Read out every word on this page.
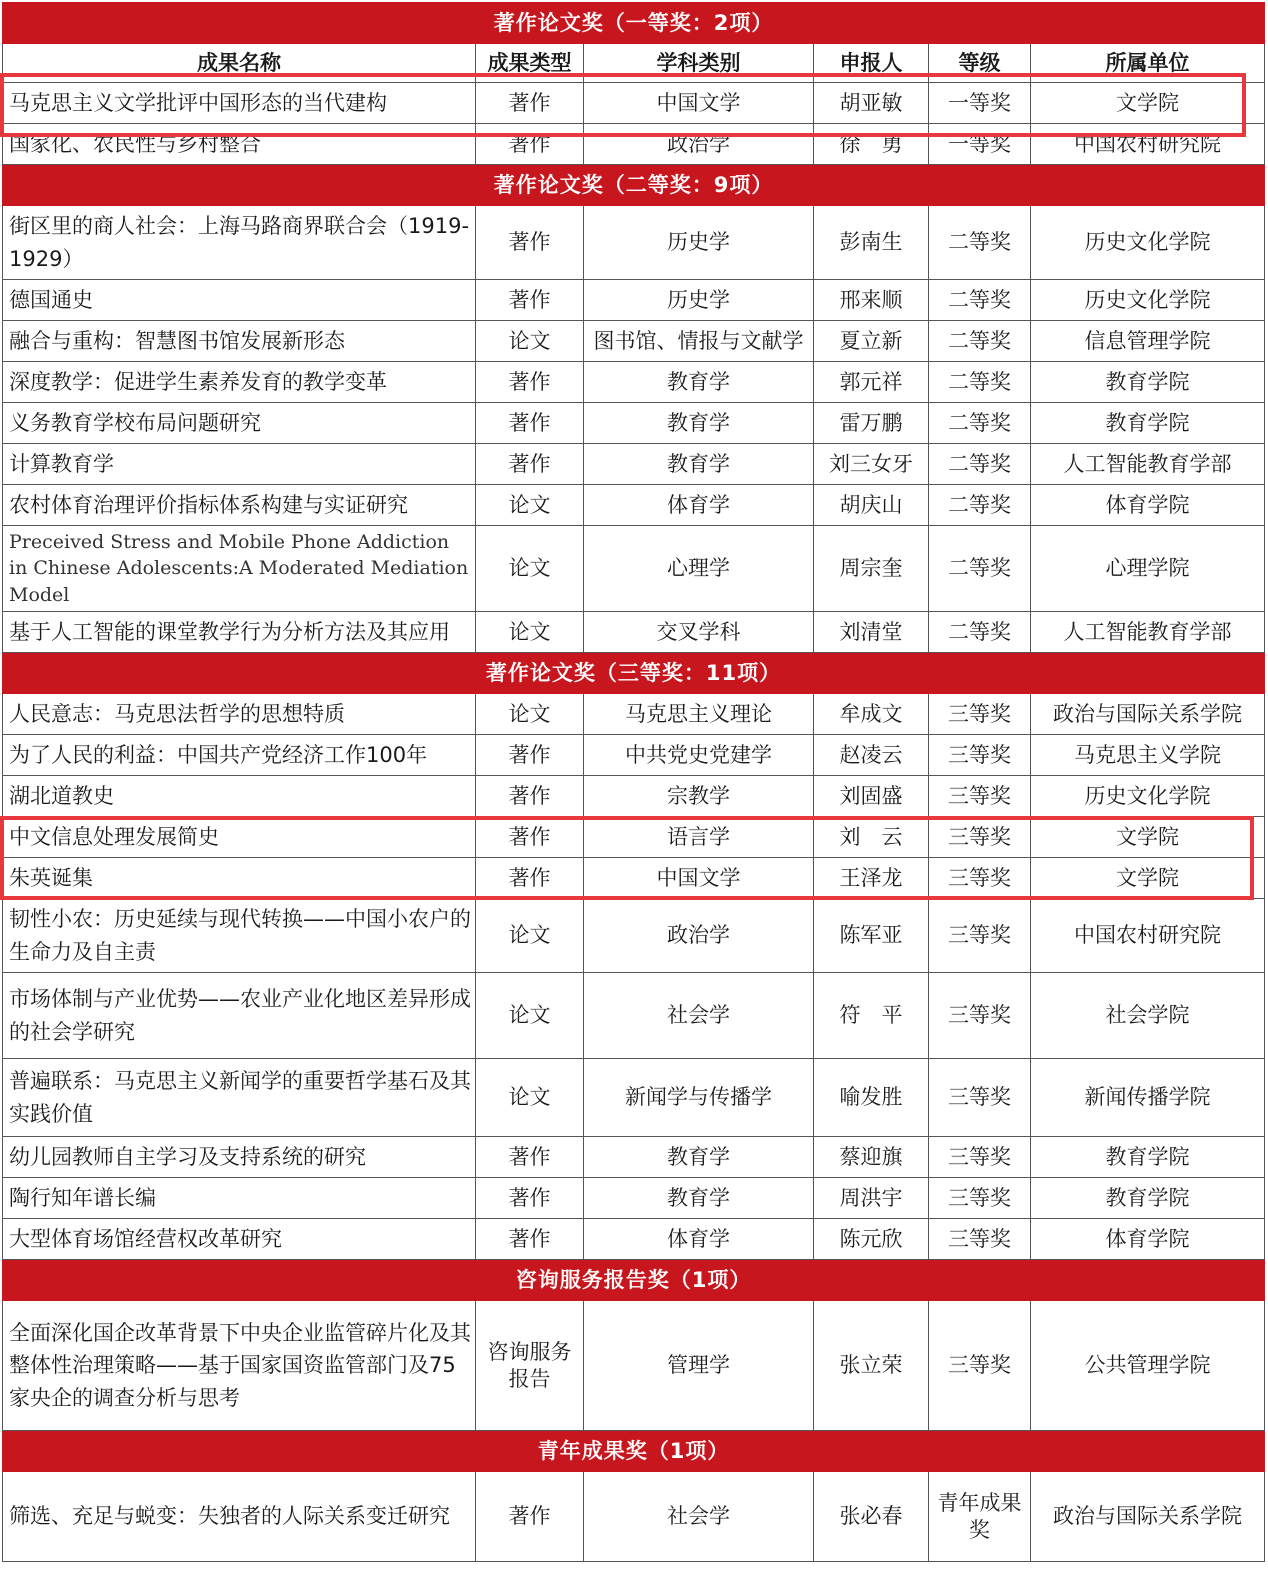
著作论文奖（一等奖：2项）					
成果名称	成果类型	学科类别	申报人	等级	所属单位
马克思主义文学批评中国形态的当代建构	著作	中国文学	胡亚敏	一等奖	文学院
国家化、农民性与乡村整合	著作	政治学	徐　勇	一等奖	中国农村研究院
著作论文奖（二等奖：9项）					
街区里的商人社会：上海马路商界联合会（1919-1929）	著作	历史学	彭南生	二等奖	历史文化学院
德国通史	著作	历史学	邢来顺	二等奖	历史文化学院
融合与重构：智慧图书馆发展新形态	论文	图书馆、情报与文献学	夏立新	二等奖	信息管理学院
深度教学：促进学生素养发育的教学变革	著作	教育学	郭元祥	二等奖	教育学院
义务教育学校布局问题研究	著作	教育学	雷万鹏	二等奖	教育学院
计算教育学	著作	教育学	刘三女牙	二等奖	人工智能教育学部
农村体育治理评价指标体系构建与实证研究	论文	体育学	胡庆山	二等奖	体育学院
Preceived Stress and Mobile Phone Addiction in Chinese Adolescents:A Moderated Mediation Model	论文	心理学	周宗奎	二等奖	心理学院
基于人工智能的课堂教学行为分析方法及其应用	论文	交叉学科	刘清堂	二等奖	人工智能教育学部
著作论文奖（三等奖：11项）					
人民意志：马克思法哲学的思想特质	论文	马克思主义理论	牟成文	三等奖	政治与国际关系学院
为了人民的利益：中国共产党经济工作100年	著作	中共党史党建学	赵凌云	三等奖	马克思主义学院
湖北道教史	著作	宗教学	刘固盛	三等奖	历史文化学院
中文信息处理发展简史	著作	语言学	刘　云	三等奖	文学院
朱英诞集	著作	中国文学	王泽龙	三等奖	文学院
韧性小农：历史延续与现代转换——中国小农户的生命力及自主责	论文	政治学	陈军亚	三等奖	中国农村研究院
市场体制与产业优势——农业产业化地区差异形成的社会学研究	论文	社会学	符　平	三等奖	社会学院
普遍联系：马克思主义新闻学的重要哲学基石及其实践价值	论文	新闻学与传播学	喻发胜	三等奖	新闻传播学院
幼儿园教师自主学习及支持系统的研究	著作	教育学	蔡迎旗	三等奖	教育学院
陶行知年谱长编	著作	教育学	周洪宇	三等奖	教育学院
大型体育场馆经营权改革研究	著作	体育学	陈元欣	三等奖	体育学院
咨询服务报告奖（1项）					
全面深化国企改革背景下中央企业监管碎片化及其整体性治理策略——基于国家国资监管部门及75家央企的调查分析与思考	咨询服务报告	管理学	张立荣	三等奖	公共管理学院
青年成果奖（1项）					
筛选、充足与蜕变：失独者的人际关系变迁研究	著作	社会学	张必春	青年成果奖	政治与国际关系学院
